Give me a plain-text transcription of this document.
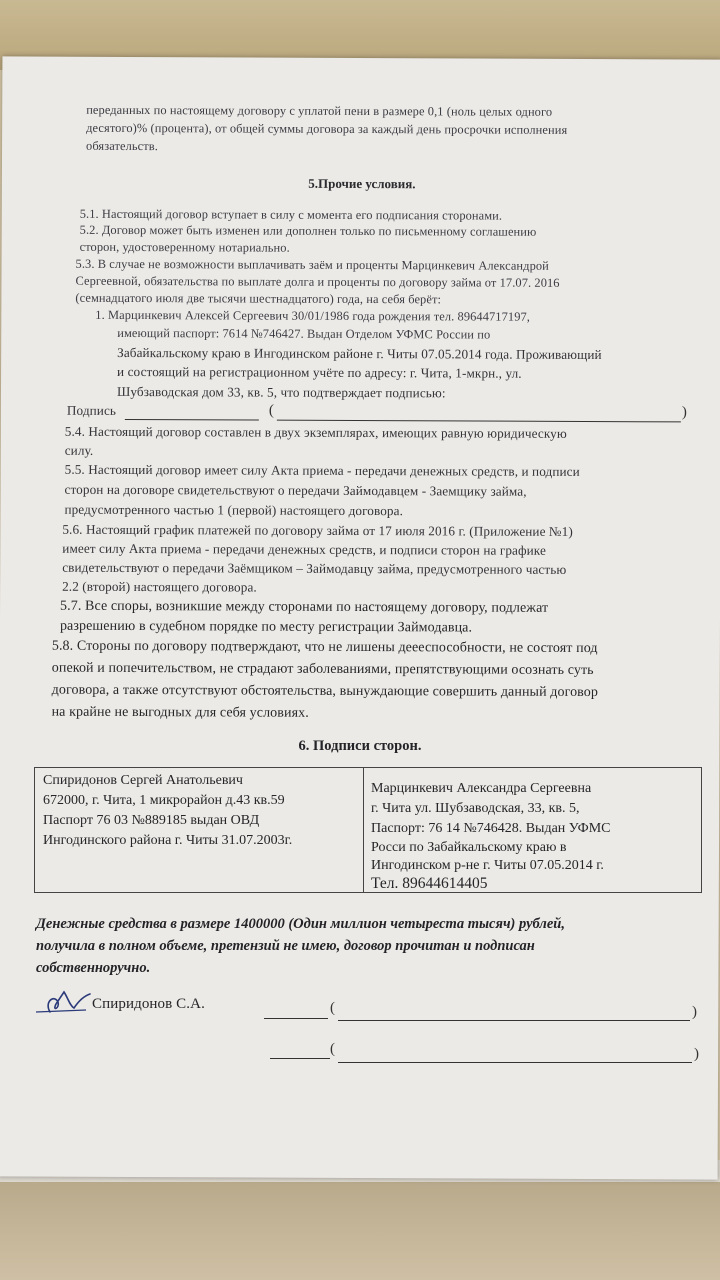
переданных по настоящему договору с уплатой пени в размере 0,1 (ноль целых одного
десятого)% (процента), от общей суммы договора за каждый день просрочки исполнения
обязательств.
5.Прочие условия.
5.1. Настоящий договор вступает в силу с момента его подписания сторонами.
5.2. Договор может быть изменен или дополнен только по письменному соглашению
сторон, удостоверенному нотариально.
5.3. В случае не возможности выплачивать заём и проценты Марцинкевич Александрой
Сергеевной, обязательства по выплате долга и проценты по договору займа от 17.07. 2016
(семнадцатого июля две тысячи шестнадцатого) года, на себя берёт:
1. Марцинкевич Алексей Сергеевич 30/01/1986 года рождения тел. 89644717197,
имеющий паспорт: 7614 №746427. Выдан Отделом УФМС России по
Забайкальскому краю в Ингодинском районе г. Читы 07.05.2014 года. Проживающий
и состоящий на регистрационном учёте по адресу: г. Чита, 1-мкрн., ул.
Шубзаводская дом 33, кв. 5, что подтверждает подписью:
Подпись	(	)
5.4. Настоящий договор составлен в двух экземплярах, имеющих равную юридическую
силу.
5.5. Настоящий договор имеет силу Акта приема - передачи денежных средств, и подписи
сторон на договоре свидетельствуют о передачи Займодавцем - Заемщику займа,
предусмотренного частью 1 (первой) настоящего договора.
5.6. Настоящий график платежей по договору займа от 17 июля 2016 г. (Приложение №1)
имеет силу Акта приема - передачи денежных средств, и подписи сторон на графике
свидетельствуют о передачи Заёмщиком – Займодавцу займа, предусмотренного частью
2.2 (второй) настоящего договора.
5.7. Все споры, возникшие между сторонами по настоящему договору, подлежат
разрешению в судебном порядке по месту регистрации Займодавца.
5.8. Стороны по договору подтверждают, что не лишены деееспособности, не состоят под
опекой и попечительством, не страдают заболеваниями, препятствующими осознать суть
договора, а также отсутствуют обстоятельства, вынуждающие совершить данный договор
на крайне не выгодных для себя условиях.
6. Подписи сторон.
Спиридонов Сергей Анатольевич
672000, г. Чита, 1 микрорайон д.43 кв.59
Паспорт 76 03 №889185 выдан ОВД
Ингодинского района г. Читы 31.07.2003г.
Марцинкевич Александра Сергеевна
г. Чита ул. Шубзаводская, 33, кв. 5,
Паспорт: 76 14 №746428. Выдан УФМС
Росси по Забайкальскому краю в
Ингодинском р-не г. Читы 07.05.2014 г.
Тел. 89644614405
Денежные средства в размере 1400000 (Один миллион четыреста тысяч) рублей,
получила в полном объеме, претензий не имею, договор прочитан и подписан
собственноручно.
Спиридонов С.А.	(	)
(	)
